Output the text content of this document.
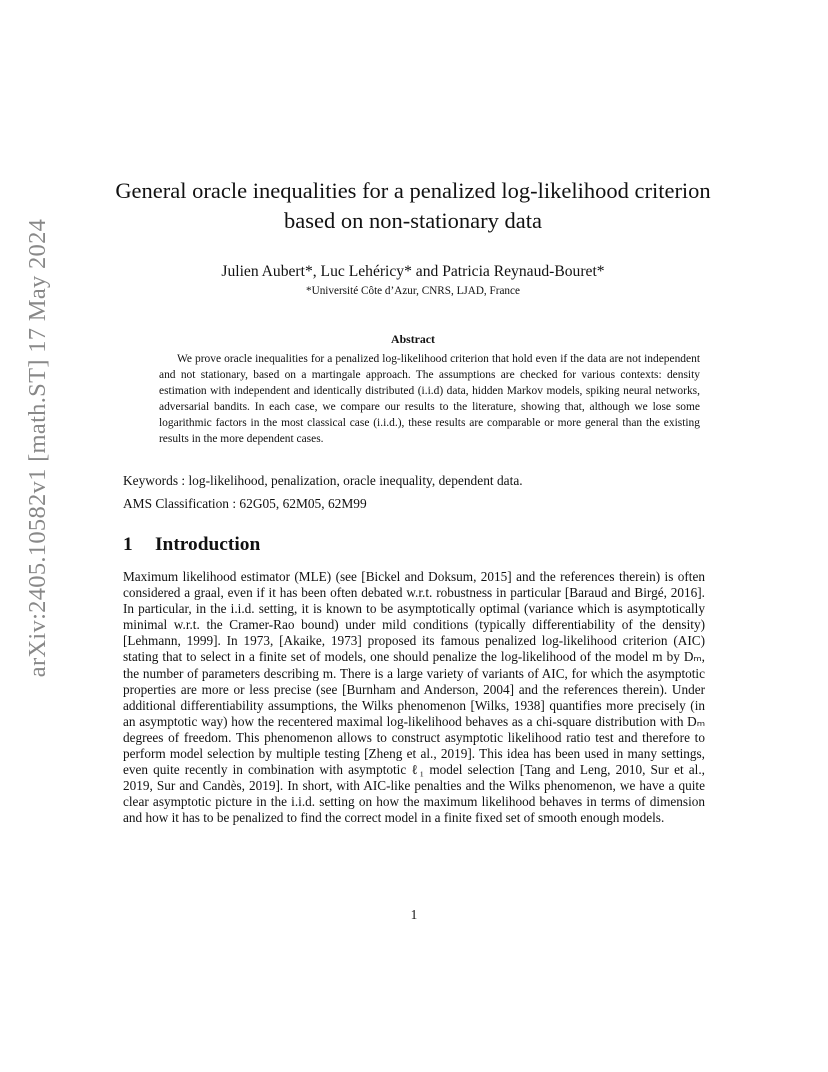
arXiv:2405.10582v1 [math.ST] 17 May 2024
General oracle inequalities for a penalized log-likelihood criterion based on non-stationary data
Julien Aubert*, Luc Lehéricy* and Patricia Reynaud-Bouret*
*Université Côte d’Azur, CNRS, LJAD, France
Abstract
We prove oracle inequalities for a penalized log-likelihood criterion that hold even if the data are not independent and not stationary, based on a martingale approach. The assumptions are checked for various contexts: density estimation with independent and identically distributed (i.i.d) data, hidden Markov models, spiking neural networks, adversarial bandits. In each case, we compare our results to the literature, showing that, although we lose some logarithmic factors in the most classical case (i.i.d.), these results are comparable or more general than the existing results in the more dependent cases.
Keywords : log-likelihood, penalization, oracle inequality, dependent data.
AMS Classification : 62G05, 62M05, 62M99
1 Introduction
Maximum likelihood estimator (MLE) (see [Bickel and Doksum, 2015] and the references therein) is often considered a graal, even if it has been often debated w.r.t. robustness in particular [Baraud and Birgé, 2016]. In particular, in the i.i.d. setting, it is known to be asymptotically optimal (variance which is asymptotically minimal w.r.t. the Cramer-Rao bound) under mild conditions (typically differentiability of the density) [Lehmann, 1999]. In 1973, [Akaike, 1973] proposed its famous penalized log-likelihood criterion (AIC) stating that to select in a finite set of models, one should penalize the log-likelihood of the model m by Dₘ, the number of parameters describing m. There is a large variety of variants of AIC, for which the asymptotic properties are more or less precise (see [Burnham and Anderson, 2004] and the references therein). Under additional differentiability assumptions, the Wilks phenomenon [Wilks, 1938] quantifies more precisely (in an asymptotic way) how the recentered maximal log-likelihood behaves as a chi-square distribution with Dₘ degrees of freedom. This phenomenon allows to construct asymptotic likelihood ratio test and therefore to perform model selection by multiple testing [Zheng et al., 2019]. This idea has been used in many settings, even quite recently in combination with asymptotic ℓ₁ model selection [Tang and Leng, 2010, Sur et al., 2019, Sur and Candès, 2019]. In short, with AIC-like penalties and the Wilks phenomenon, we have a quite clear asymptotic picture in the i.i.d. setting on how the maximum likelihood behaves in terms of dimension and how it has to be penalized to find the correct model in a finite fixed set of smooth enough models.
1
